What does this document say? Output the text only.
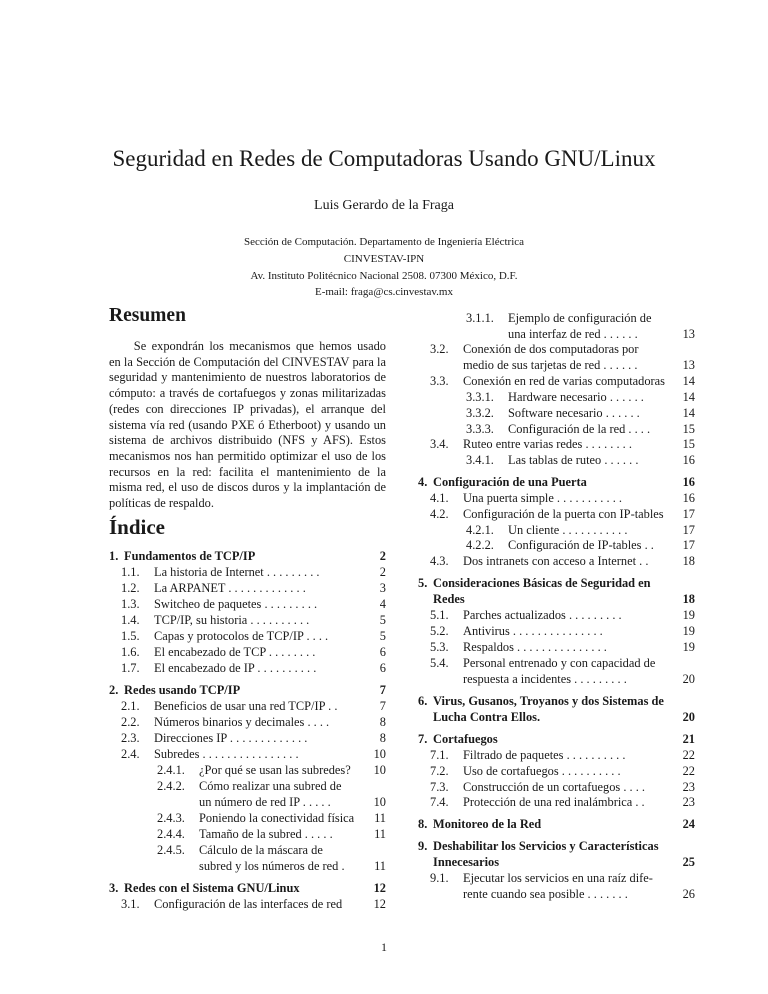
Seguridad en Redes de Computadoras Usando GNU/Linux
Luis Gerardo de la Fraga
Sección de Computación. Departamento de Ingeniería Eléctrica
CINVESTAV-IPN
Av. Instituto Politécnico Nacional 2508. 07300 México, D.F.
E-mail: fraga@cs.cinvestav.mx
Resumen
Se expondrán los mecanismos que hemos usado en la Sección de Computación del CINVESTAV para la seguridad y mantenimiento de nuestros laboratorios de cómputo: a través de cortafuegos y zonas militarizadas (redes con direcciones IP privadas), el arranque del sistema vía red (usando PXE ó Etherboot) y usando un sistema de archivos distribuido (NFS y AFS). Estos mecanismos nos han permitido optimizar el uso de los recursos en la red: facilita el mantenimiento de la misma red, el uso de discos duros y la implantación de políticas de respaldo.
Índice
1. Fundamentos de TCP/IP	2
1.1. La historia de Internet . . . . . . . . .	2
1.2. La ARPANET . . . . . . . . . . . . .	3
1.3. Switcheo de paquetes . . . . . . . . .	4
1.4. TCP/IP, su historia . . . . . . . . . .	5
1.5. Capas y protocolos de TCP/IP . . . .	5
1.6. El encabezado de TCP . . . . . . . .	6
1.7. El encabezado de IP . . . . . . . . . .	6
2. Redes usando TCP/IP	7
2.1. Beneficios de usar una red TCP/IP . .	7
2.2. Números binarios y decimales . . . .	8
2.3. Direcciones IP . . . . . . . . . . . . .	8
2.4. Subredes . . . . . . . . . . . . . . . .	10
2.4.1. ¿Por qué se usan las subredes? 10
2.4.2. Cómo realizar una subred de
un número de red IP . . . . .	10
2.4.3. Poniendo la conectividad física 11
2.4.4. Tamaño de la subred . . . . .	11
2.4.5. Cálculo de la máscara de
subred y los números de red . 11
3. Redes con el Sistema GNU/Linux	12
3.1. Configuración de las interfaces de red	12
3.1.1. Ejemplo de configuración de
una interfaz de red . . . . . .	13
3.2. Conexión de dos computadoras por
medio de sus tarjetas de red . . . . . .	13
3.3. Conexión en red de varias computadoras 14
3.3.1. Hardware necesario . . . . . .	14
3.3.2. Software necesario . . . . . .	14
3.3.3. Configuración de la red . . . .	15
3.4. Ruteo entre varias redes . . . . . . . .	15
3.4.1. Las tablas de ruteo . . . . . .	16
4. Configuración de una Puerta	16
4.1. Una puerta simple . . . . . . . . . . .	16
4.2. Configuración de la puerta con IP-tables 17
4.2.1. Un cliente . . . . . . . . . . .	17
4.2.2. Configuración de IP-tables . . 17
4.3. Dos intranets con acceso a Internet . .	18
5. Consideraciones Básicas de Seguridad en
Redes	18
5.1. Parches actualizados . . . . . . . . .	19
5.2. Antivirus . . . . . . . . . . . . . . .	19
5.3. Respaldos . . . . . . . . . . . . . . .	19
5.4. Personal entrenado y con capacidad de
respuesta a incidentes . . . . . . . . .	20
6. Virus, Gusanos, Troyanos y dos Sistemas de
Lucha Contra Ellos.	20
7. Cortafuegos	21
7.1. Filtrado de paquetes . . . . . . . . . .	22
7.2. Uso de cortafuegos . . . . . . . . . .	22
7.3. Construcción de un cortafuegos . . . .	23
7.4. Protección de una red inalámbrica . .	23
8. Monitoreo de la Red	24
9. Deshabilitar los Servicios y Características
Innecesarios	25
9.1. Ejecutar los servicios en una raíz dife-
rente cuando sea posible . . . . . . .	26
1
